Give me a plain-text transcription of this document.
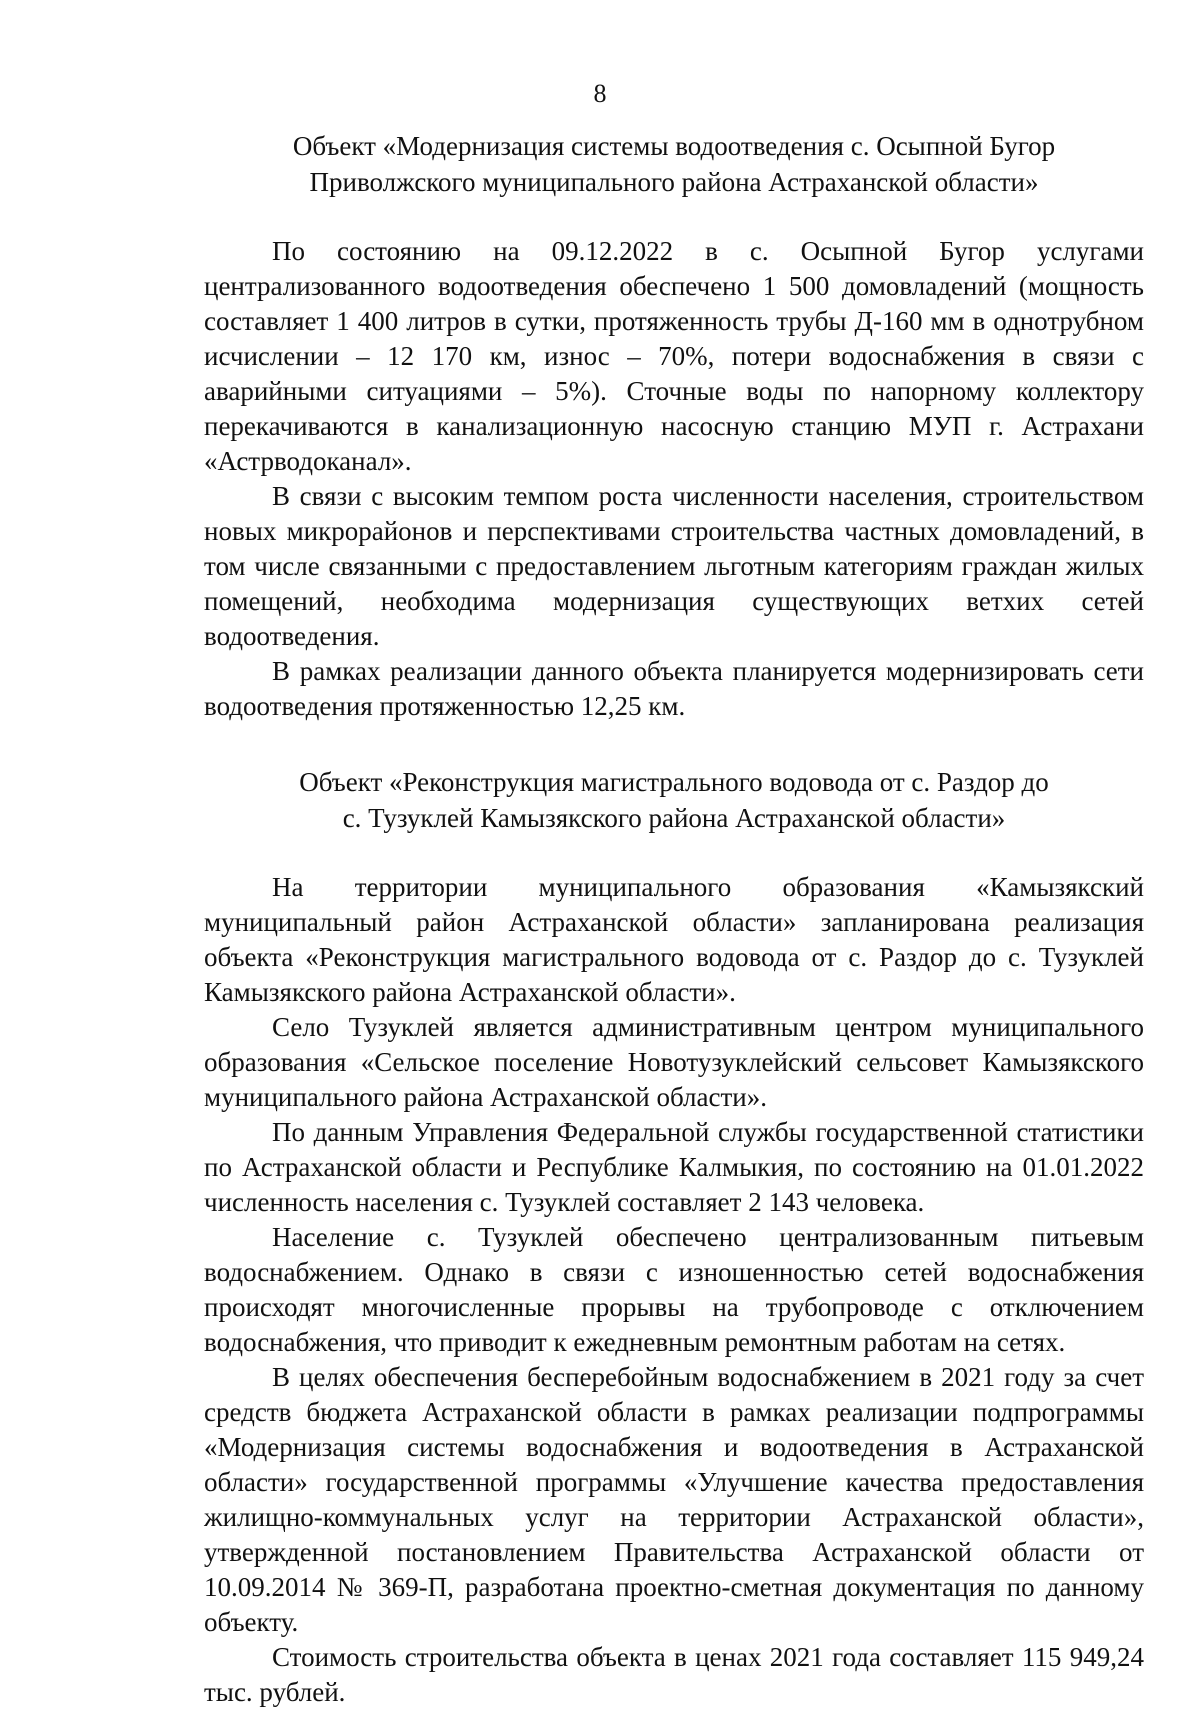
8
Объект «Модернизация системы водоотведения с. Осыпной Бугор
Приволжского муниципального района Астраханской области»

По состоянию на 09.12.2022 в с. Осыпной Бугор услугами централизованного водоотведения обеспечено 1 500 домовладений (мощность составляет 1 400 литров в сутки, протяженность трубы Д-160 мм в однотрубном исчислении – 12 170 км, износ – 70%, потери водоснабжения в связи с аварийными ситуациями – 5%). Сточные воды по напорному коллектору перекачиваются в канализационную насосную станцию МУП г. Астрахани «Астрводоканал».

В связи с высоким темпом роста численности населения, строительством новых микрорайонов и перспективами строительства частных домовладений, в том числе связанными с предоставлением льготным категориям граждан жилых помещений, необходима модернизация существующих ветхих сетей водоотведения.

В рамках реализации данного объекта планируется модернизировать сети водоотведения протяженностью 12,25 км.

Объект «Реконструкция магистрального водовода от с. Раздор до
с. Тузуклей Камызякского района Астраханской области»

На территории муниципального образования «Камызякский муниципальный район Астраханской области» запланирована реализация объекта «Реконструкция магистрального водовода от с. Раздор до с. Тузуклей Камызякского района Астраханской области».

Село Тузуклей является административным центром муниципального образования «Сельское поселение Новотузуклейский сельсовет Камызякского муниципального района Астраханской области».

По данным Управления Федеральной службы государственной статистики по Астраханской области и Республике Калмыкия, по состоянию на 01.01.2022 численность населения с. Тузуклей составляет 2 143 человека.

Население с. Тузуклей обеспечено централизованным питьевым водоснабжением. Однако в связи с изношенностью сетей водоснабжения происходят многочисленные прорывы на трубопроводе с отключением водоснабжения, что приводит к ежедневным ремонтным работам на сетях.

В целях обеспечения бесперебойным водоснабжением в 2021 году за счет средств бюджета Астраханской области в рамках реализации подпрограммы «Модернизация системы водоснабжения и водоотведения в Астраханской области» государственной программы «Улучшение качества предоставления жилищно-коммунальных услуг на территории Астраханской области», утвержденной постановлением Правительства Астраханской области от 10.09.2014 № 369-П, разработана проектно-сметная документация по данному объекту.

Стоимость строительства объекта в ценах 2021 года составляет 115 949,24 тыс. рублей.
